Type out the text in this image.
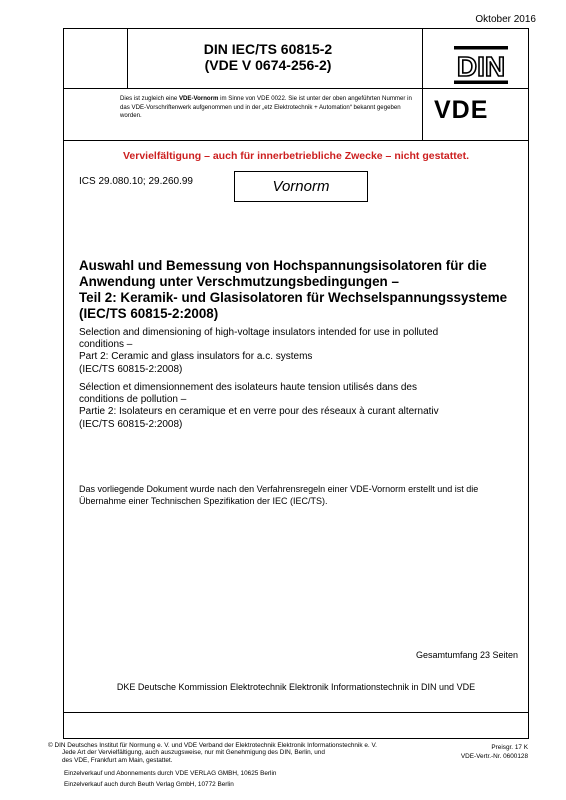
Oktober 2016
DIN IEC/TS 60815-2
(VDE V 0674-256-2)	DIN
Dies ist zugleich eine VDE-Vornorm im Sinne von VDE 0022. Sie ist unter der oben angeführten Nummer in das VDE-Vorschriftenwerk aufgenommen und in der „etz Elektrotechnik + Automation“ bekannt gegeben worden.	VDE
Vervielfältigung – auch für innerbetriebliche Zwecke – nicht gestattet.
ICS 29.080.10; 29.260.99	Vornorm
Auswahl und Bemessung von Hochspannungsisolatoren für die
Anwendung unter Verschmutzungsbedingungen –
Teil 2: Keramik- und Glasisolatoren für Wechselspannungssysteme
(IEC/TS 60815-2:2008)
Selection and dimensioning of high-voltage insulators intended for use in polluted
conditions –
Part 2: Ceramic and glass insulators for a.c. systems
(IEC/TS 60815-2:2008)
Sélection et dimensionnement des isolateurs haute tension utilisés dans des
conditions de pollution –
Partie 2: Isolateurs en ceramique et en verre pour des réseaux à curant alternativ
(IEC/TS 60815-2:2008)
Das vorliegende Dokument wurde nach den Verfahrensregeln einer VDE-Vornorm erstellt und ist die
Übernahme einer Technischen Spezifikation der IEC (IEC/TS).
Gesamtumfang 23 Seiten
DKE Deutsche Kommission Elektrotechnik Elektronik Informationstechnik in DIN und VDE
© DIN Deutsches Institut für Normung e. V. und VDE Verband der Elektrotechnik Elektronik Informationstechnik e. V.
Jede Art der Vervielfältigung, auch auszugsweise, nur mit Genehmigung des DIN, Berlin, und
des VDE, Frankfurt am Main, gestattet.
Einzelverkauf und Abonnements durch VDE VERLAG GMBH, 10625 Berlin
Einzelverkauf auch durch Beuth Verlag GmbH, 10772 Berlin
Preisgr. 17 K
VDE-Vertr.-Nr. 0600128
